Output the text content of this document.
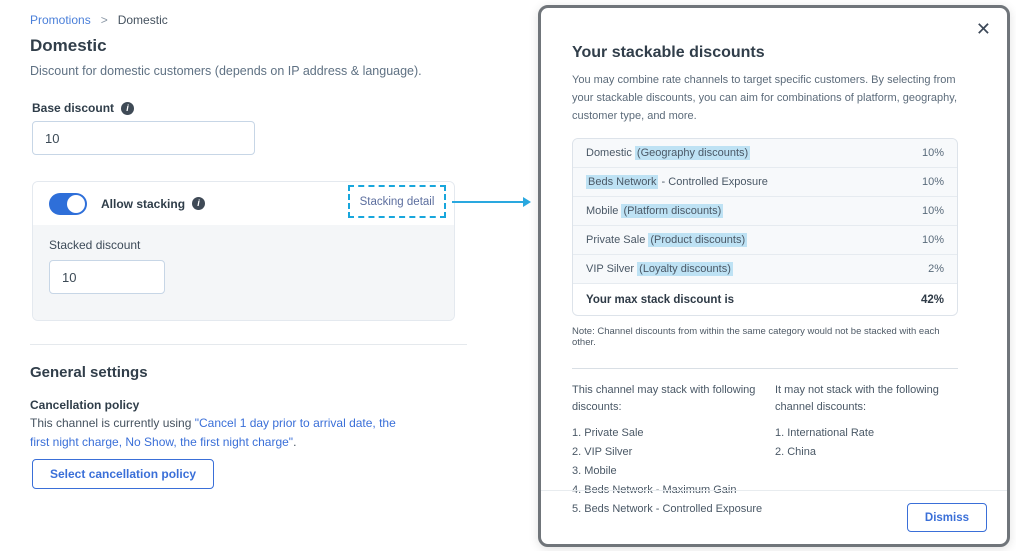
Promotions > Domestic
Domestic
Discount for domestic customers (depends on IP address & language).
Base discount	i
10
Allow stacking	i
Stacked discount
10
Stacking detail
General settings
Cancellation policy
This channel is currently using "Cancel 1 day prior to arrival date, the first night charge, No Show, the first night charge".
Select cancellation policy
✕
Your stackable discounts
You may combine rate channels to target specific customers. By selecting from your stackable discounts, you can aim for combinations of platform, geography, customer type, and more.
Domestic (Geography discounts)	10%
Beds Network - Controlled Exposure	10%
Mobile (Platform discounts)	10%
Private Sale (Product discounts)	10%
VIP Silver (Loyalty discounts)	2%
Your max stack discount is	42%
Note: Channel discounts from within the same category would not be stacked with each other.
This channel may stack with following discounts:
1. Private Sale
2. VIP Silver
3. Mobile
4. Beds Network - Maximum Gain
5. Beds Network - Controlled Exposure
It may not stack with the following channel discounts:
1. International Rate
2. China
Dismiss
